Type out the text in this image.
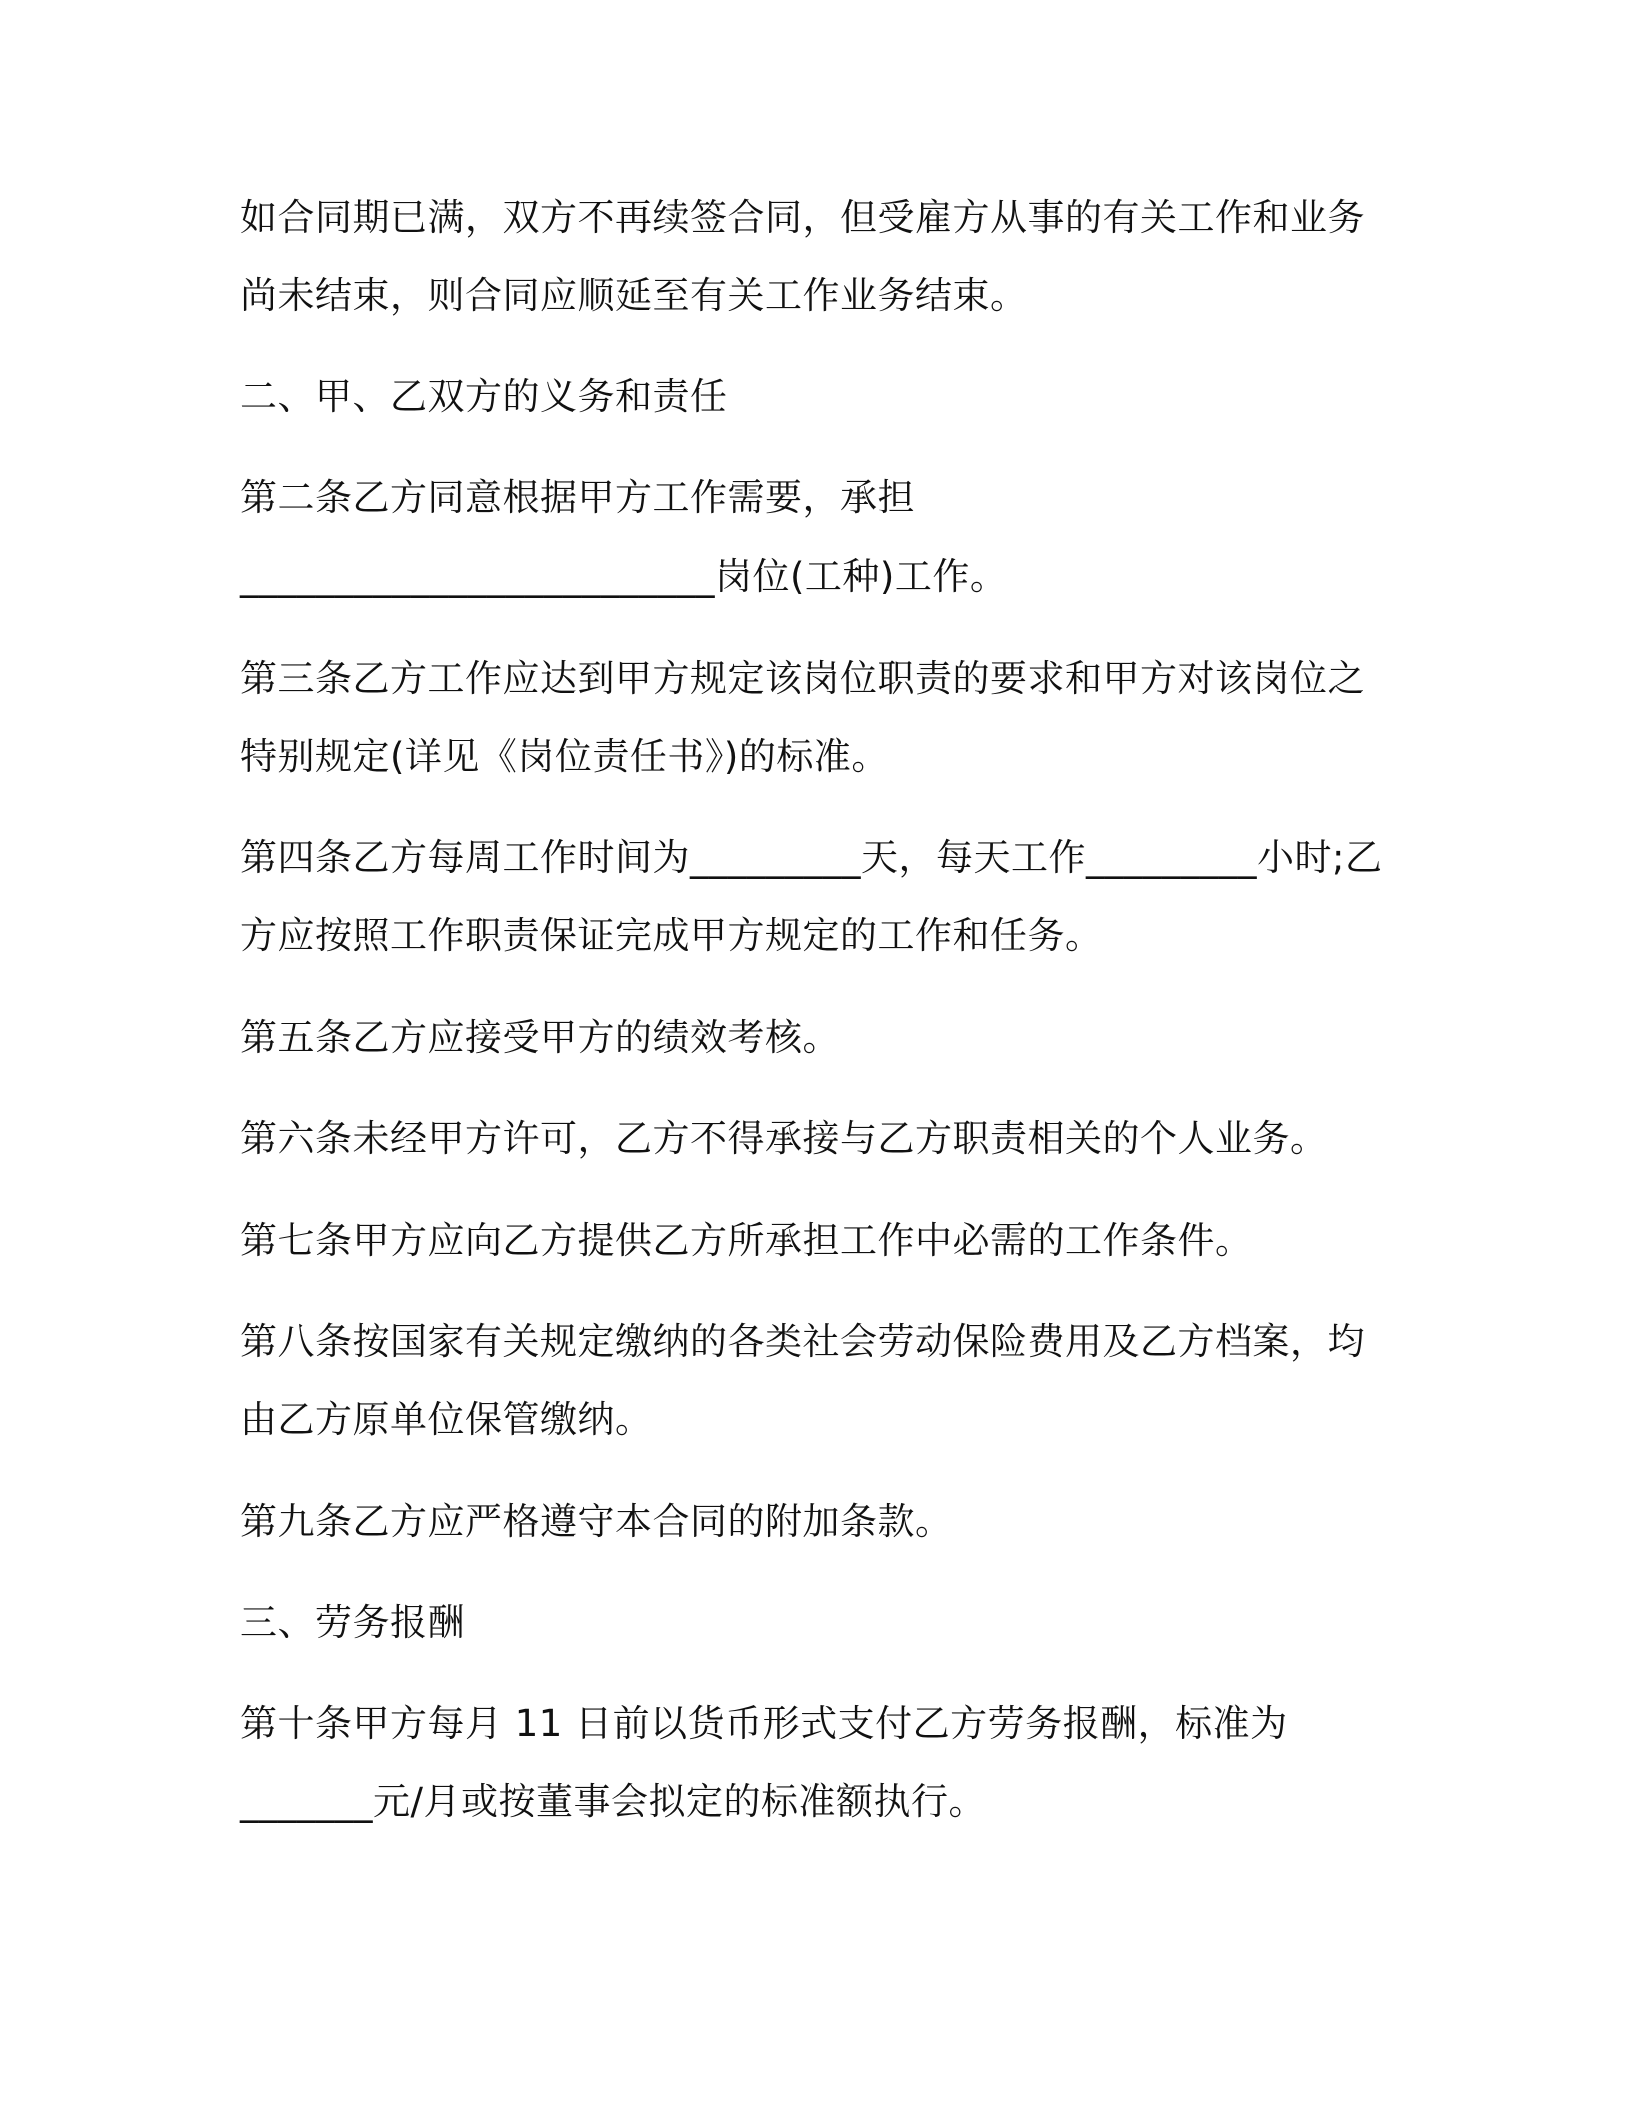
如合同期已满，双方不再续签合同，但受雇方从事的有关工作和业务
尚未结束，则合同应顺延至有关工作业务结束。
二、甲、乙双方的义务和责任
第二条乙方同意根据甲方工作需要，承担
_________________________岗位(工种)工作。
第三条乙方工作应达到甲方规定该岗位职责的要求和甲方对该岗位之
特别规定(详见《岗位责任书》)的标准。
第四条乙方每周工作时间为_________天，每天工作_________小时;乙
方应按照工作职责保证完成甲方规定的工作和任务。
第五条乙方应接受甲方的绩效考核。
第六条未经甲方许可，乙方不得承接与乙方职责相关的个人业务。
第七条甲方应向乙方提供乙方所承担工作中必需的工作条件。
第八条按国家有关规定缴纳的各类社会劳动保险费用及乙方档案，均
由乙方原单位保管缴纳。
第九条乙方应严格遵守本合同的附加条款。
三、劳务报酬
第十条甲方每月 11 日前以货币形式支付乙方劳务报酬，标准为
_______元/月或按董事会拟定的标准额执行。
